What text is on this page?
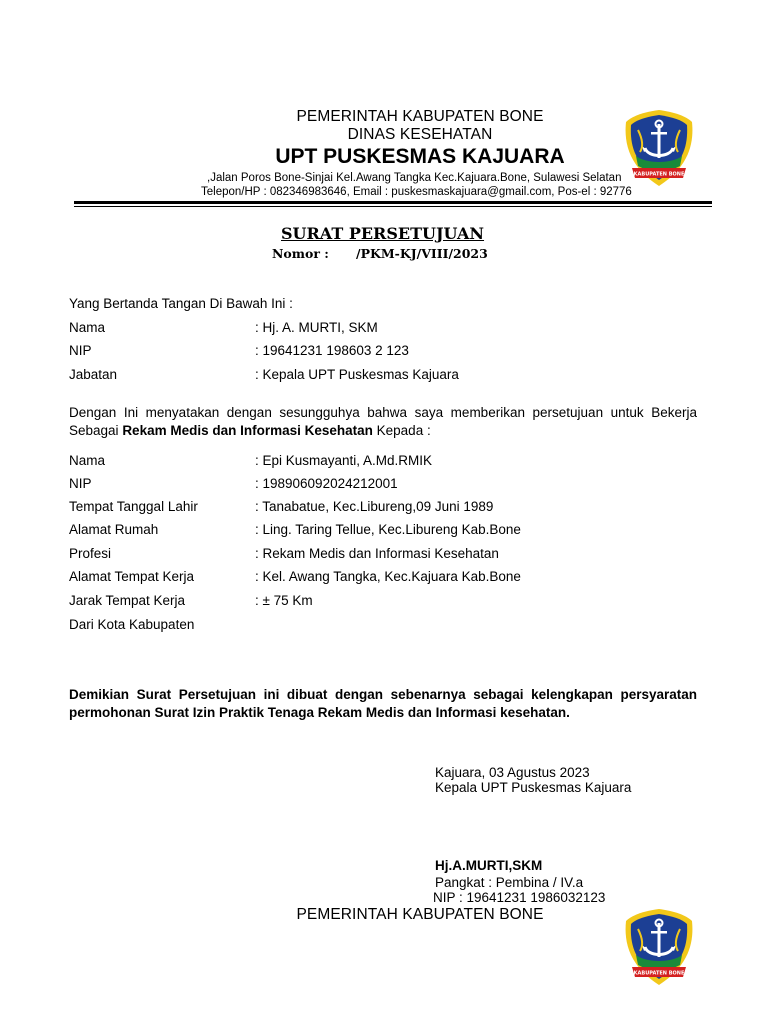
PEMERINTAH KABUPATEN BONE
DINAS KESEHATAN
UPT PUSKESMAS KAJUARA
,Jalan Poros Bone-Sinjai Kel.Awang Tangka Kec.Kajuara.Bone, Sulawesi Selatan
Telepon/HP : 082346983646, Email : puskesmaskajuara@gmail.com, Pos-el : 92776
KABUPATEN BONE
SURAT PERSETUJUAN
Nomor : /PKM-KJ/VIII/2023
Yang Bertanda Tangan Di Bawah Ini :
Nama	: Hj. A. MURTI, SKM
NIP	: 19641231 198603 2 123
Jabatan	: Kepala UPT Puskesmas Kajuara
Dengan Ini menyatakan dengan sesungguhya bahwa saya memberikan persetujuan untuk Bekerja Sebagai Rekam Medis dan Informasi Kesehatan Kepada :
Nama	: Epi Kusmayanti, A.Md.RMIK
NIP	: 198906092024212001
Tempat Tanggal Lahir	: Tanabatue, Kec.Libureng,09 Juni 1989
Alamat Rumah	: Ling. Taring Tellue, Kec.Libureng Kab.Bone
Profesi	: Rekam Medis dan Informasi Kesehatan
Alamat Tempat Kerja	: Kel. Awang Tangka, Kec.Kajuara Kab.Bone
Jarak Tempat Kerja	: ± 75 Km
Dari Kota Kabupaten
Demikian Surat Persetujuan ini dibuat dengan sebenarnya sebagai kelengkapan persyaratan permohonan Surat Izin Praktik Tenaga Rekam Medis dan Informasi kesehatan.
Kajuara, 03 Agustus 2023
Kepala UPT Puskesmas Kajuara
Hj.A.MURTI,SKM
Pangkat : Pembina / IV.a
NIP : 19641231 1986032123
PEMERINTAH KABUPATEN BONE
KABUPATEN BONE
